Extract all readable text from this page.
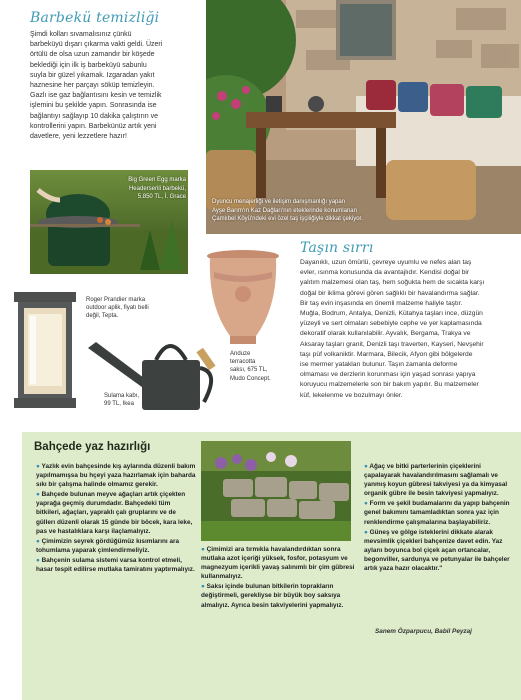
Barbekü temizliği
Şimdi kolları sıvamalısınız çünkü
barbeküyü dışarı çıkarma vakti geldi. Üzeri
örtülü de olsa uzun zamandır bir köşede
beklediği için ilk iş barbeküyü sabunlu
suyla bir güzel yıkamak. Izgaradan yakıt
haznesine her parçayı söküp temizleyin.
Gazlı ise gaz bağlantısını kesin ve temizlik
işlemini bu şekilde yapın. Sonrasında ise
bağlantıyı sağlayıp 10 dakika çalıştırın ve
kontrollerini yapın. Barbekünüz artık yeni
davetlere, yeni lezzetlere hazır!
Big Green Egg marka
Headerserili barbekü,
5.850 TL, İ. Grace
Dyuncu menajerliği ve iletişim danışmanlığı yapan
Ayşe Barım'ın Kaz Dağları'nın eteklerinde konumlanan
Çamlıbel Köyü'ndeki evi özel taş işçiliğiyle dikkat çekiyor.
Roger Prandier marka
outdoor aplik, fiyatı belli
değil, Tepta.
Sulama kabı,
99 TL, Ikea
Anduze
terracotta
saksı, 675 TL,
Mudo Concept.
Taşın sırrı
Dayanıklı, uzun ömürlü, çevreye uyumlu ve nefes alan taş
evler, ısınma konusunda da avantajlıdır. Kendisi doğal bir
yalıtım malzemesi olan taş, hem soğukta hem de sıcakta karşı
doğal bir iklima görevi gören sağlıklı bir havalandırma sağlar.
Bir taş evin inşasında en önemli malzeme haliyle taştır.
Muğla, Bodrum, Antalya, Denizli, Kütahya taşları ince, düzgün
yüzeyli ve sert olmaları sebebiyle cephe ve yer kaplamasında
dekoratif olarak kullanılabilir. Ayvalık, Bergama, Trakya ve
Aksaray taşları granit, Denizli taşı traverten, Kayseri, Nevşehir
taşı püf volkaniktir. Marmara, Bilecik, Afyon gibi bölgelerde
ise mermer yatakları bulunur. Taşın zamanla deforme
olmaması ve derzlerin korunması için yaşad sonrası yapıya
koruyucu malzemelerle son bir bakım yapılır. Bu malzemeler
küf, lekelenme ve bozulmayı önler.
Bahçede yaz hazırlığı

● Yazlık evin bahçesinde kış aylarında düzenli bakım yapılmamışsa bu hçeyi yaza hazırlamak için baharda sıkı bir çalışma halinde olmamız gerekir.

● Bahçede bulunan meyve ağaçları artık çiçekten yaprağa geçmiş durumdadır. Bahçedeki tüm bitkileri, ağaçları, yapraklı çalı gruplarını ve de güllerı düzenli olarak 15 günde bir böcek, kara leke, pas ve hastalıklara karşı ilaçlamalıyız.

● Çimimizin seyrek gördüğümüz kısımlarını ara tohumlama yaparak çimlendirmeliyiz.

● Bahçenin sulama sistemi varsa kontrol etmeli, hasar tespit edilirse mutlaka tamiratını yaptırmalıyız.

● Çimimizi ara tırmıkla havalandırdıktan sonra mutlaka azot içeriği yüksek, fosfor, potasyum ve magnezyum içerikli yavaş salınımlı bir çim gübresi kullanmalıyız.

● Saksı içinde bulunan bitkilerin toprakların değiştirmeli, gerekliyse bir büyük boy saksıya almalıyız. Ayrıca besin takviyelerini yapmalıyız.

● Ağaç ve bitki parterlerinin çiçeklerini çapalayarak havalandırılmasını sağlamalı ve yanmış koyun gübresi takviyesi ya da kimyasal organik gübre ile besin takviyesi yapmalıyız.

● Form ve şekil budamalarını da yapıp bahçenin genel bakımını tamamladıktan sonra yaz için renklendirme çalışmalarına başlayabiliriz.

● Güneş ve gölge isteklerini dikkate alarak mevsimlik çiçekleri bahçenize davet edin. Yaz aylarıı boyunca bol çiçek açan ortancalar, begonviller, sardunya ve petunyalar ile bahçeler artık yaza hazır olacaktır."

Sanem Özparpucu, Babil Peyzaj
